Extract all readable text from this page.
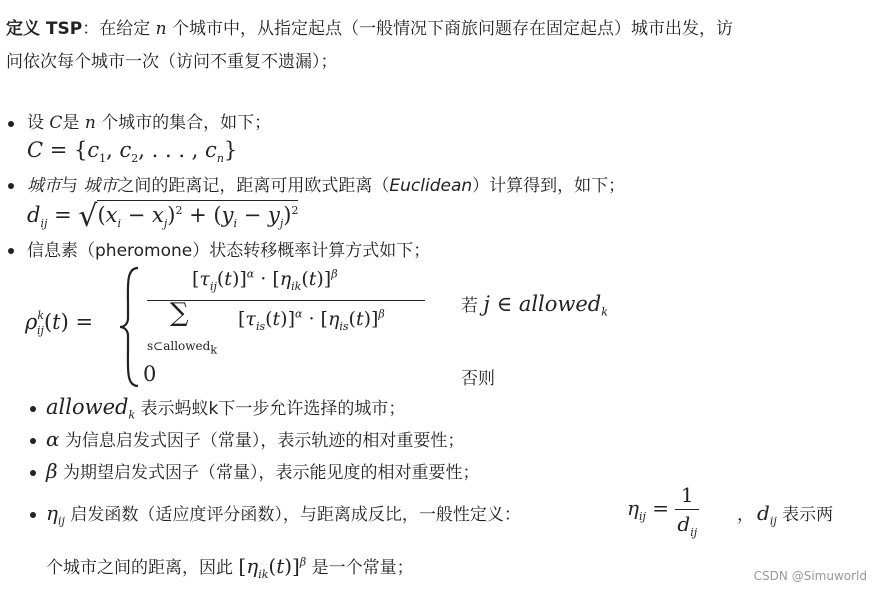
定义 TSP：在给定 n 个城市中，从指定起点（一般情况下商旅问题存在固定起点）城市出发，访
问依次每个城市一次（访问不重复不遗漏）；
设 C是 n 个城市的集合，如下；
$C = \{c_1$, $c_2$, . . . , $c_n$}
城市与 城市之间的距离记，距离可用欧式距离（Euclidean）计算得到，如下；
$d_{ij} = √(x_i - x_j)^2 + (y_i - y_j)^2$
信息素（pheromone）状态转移概率计算方式如下；
$\rho^k_{ij}(t)$ =
$[\tau_{ij}(t)]^\alpha \cdot [\eta_{ik}(t)]^\beta$
∑
s⊂allowed$_k$
$[\tau_{is}(t)]^\alpha \cdot [\eta_{is}(t)]^\beta$	若 j ∈ allowed$_k$
0	否则
allowed$_k$ 表示蚂蚁k下一步允许选择的城市；
α 为信息启发式因子（常量），表示轨迹的相对重要性；
β 为期望启发式因子（常量），表示能见度的相对重要性；
$\eta_{ij}$ 启发函数（适应度评分函数），与距离成反比，一般性定义：	$\eta_{ij} = \frac{1}{d_{ij}}$ ， $d_{ij}$ 表示两
个城市之间的距离，因此 $[\eta_{ik}(t)]^\beta$ 是一个常量；	CSDN @Simuworld
